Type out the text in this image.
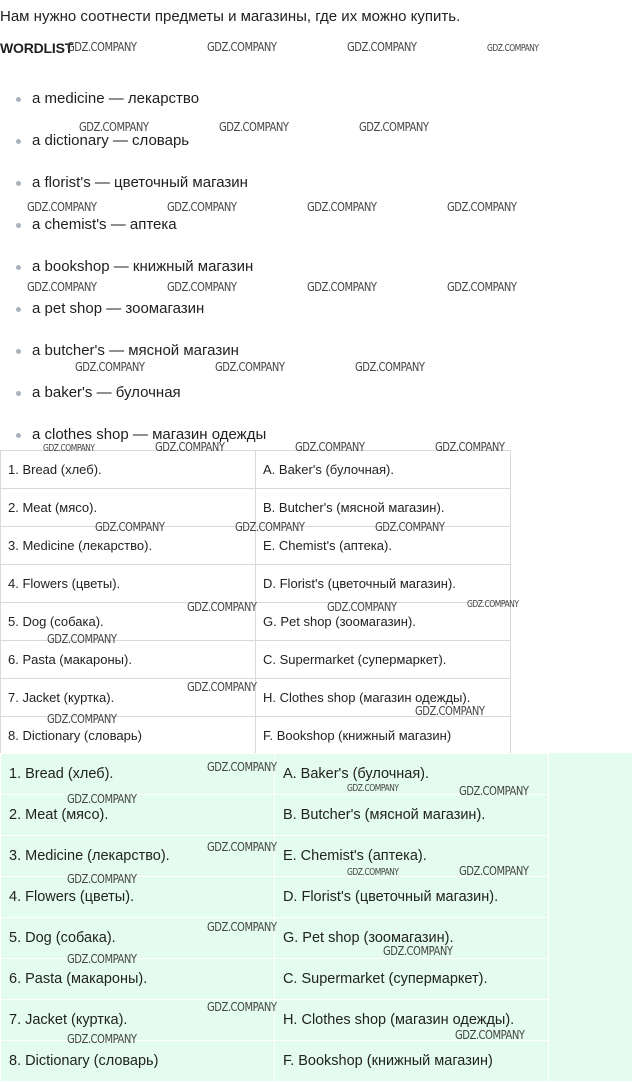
Нам нужно соотнести предметы и магазины, где их можно купить.
WORDLIST
a medicine — лекарство
a dictionary — словарь
a florist's — цветочный магазин
a chemist's — аптека
a bookshop — книжный магазин
a pet shop — зоомагазин
a butcher's — мясной магазин
a baker's — булочная
a clothes shop — магазин одежды
1. Bread (хлеб).	A. Baker's (булочная).
2. Meat (мясо).	B. Butcher's (мясной магазин).
3. Medicine (лекарство).	E. Chemist's (аптека).
4. Flowers (цветы).	D. Florist's (цветочный магазин).
5. Dog (собака).	G. Pet shop (зоомагазин).
6. Pasta (макароны).	C. Supermarket (супермаркет).
7. Jacket (куртка).	H. Clothes shop (магазин одежды).
8. Dictionary (словарь)	F. Bookshop (книжный магазин)
1. Bread (хлеб).	A. Baker's (булочная).
2. Meat (мясо).	B. Butcher's (мясной магазин).
3. Medicine (лекарство).	E. Chemist's (аптека).
4. Flowers (цветы).	D. Florist's (цветочный магазин).
5. Dog (собака).	G. Pet shop (зоомагазин).
6. Pasta (макароны).	C. Supermarket (супермаркет).
7. Jacket (куртка).	H. Clothes shop (магазин одежды).
8. Dictionary (словарь)	F. Bookshop (книжный магазин)
GDZ.COMPANY	GDZ.COMPANY	GDZ.COMPANY	GDZ.COMPANY
GDZ.COMPANY	GDZ.COMPANY	GDZ.COMPANY
GDZ.COMPANY	GDZ.COMPANY	GDZ.COMPANY	GDZ.COMPANY
GDZ.COMPANY	GDZ.COMPANY	GDZ.COMPANY	GDZ.COMPANY
GDZ.COMPANY	GDZ.COMPANY	GDZ.COMPANY
GDZ.COMPANY	GDZ.COMPANY	GDZ.COMPANY	GDZ.COMPANY
GDZ.COMPANY	GDZ.COMPANY	GDZ.COMPANY
GDZ.COMPANY	GDZ.COMPANY	GDZ.COMPANY
GDZ.COMPANY
GDZ.COMPANY
GDZ.COMPANY
GDZ.COMPANY
GDZ.COMPANY
GDZ.COMPANY	GDZ.COMPANY
GDZ.COMPANY
GDZ.COMPANY
GDZ.COMPANY	GDZ.COMPANY
GDZ.COMPANY
GDZ.COMPANY
GDZ.COMPANY
GDZ.COMPANY
GDZ.COMPANY
GDZ.COMPANY
GDZ.COMPANY
